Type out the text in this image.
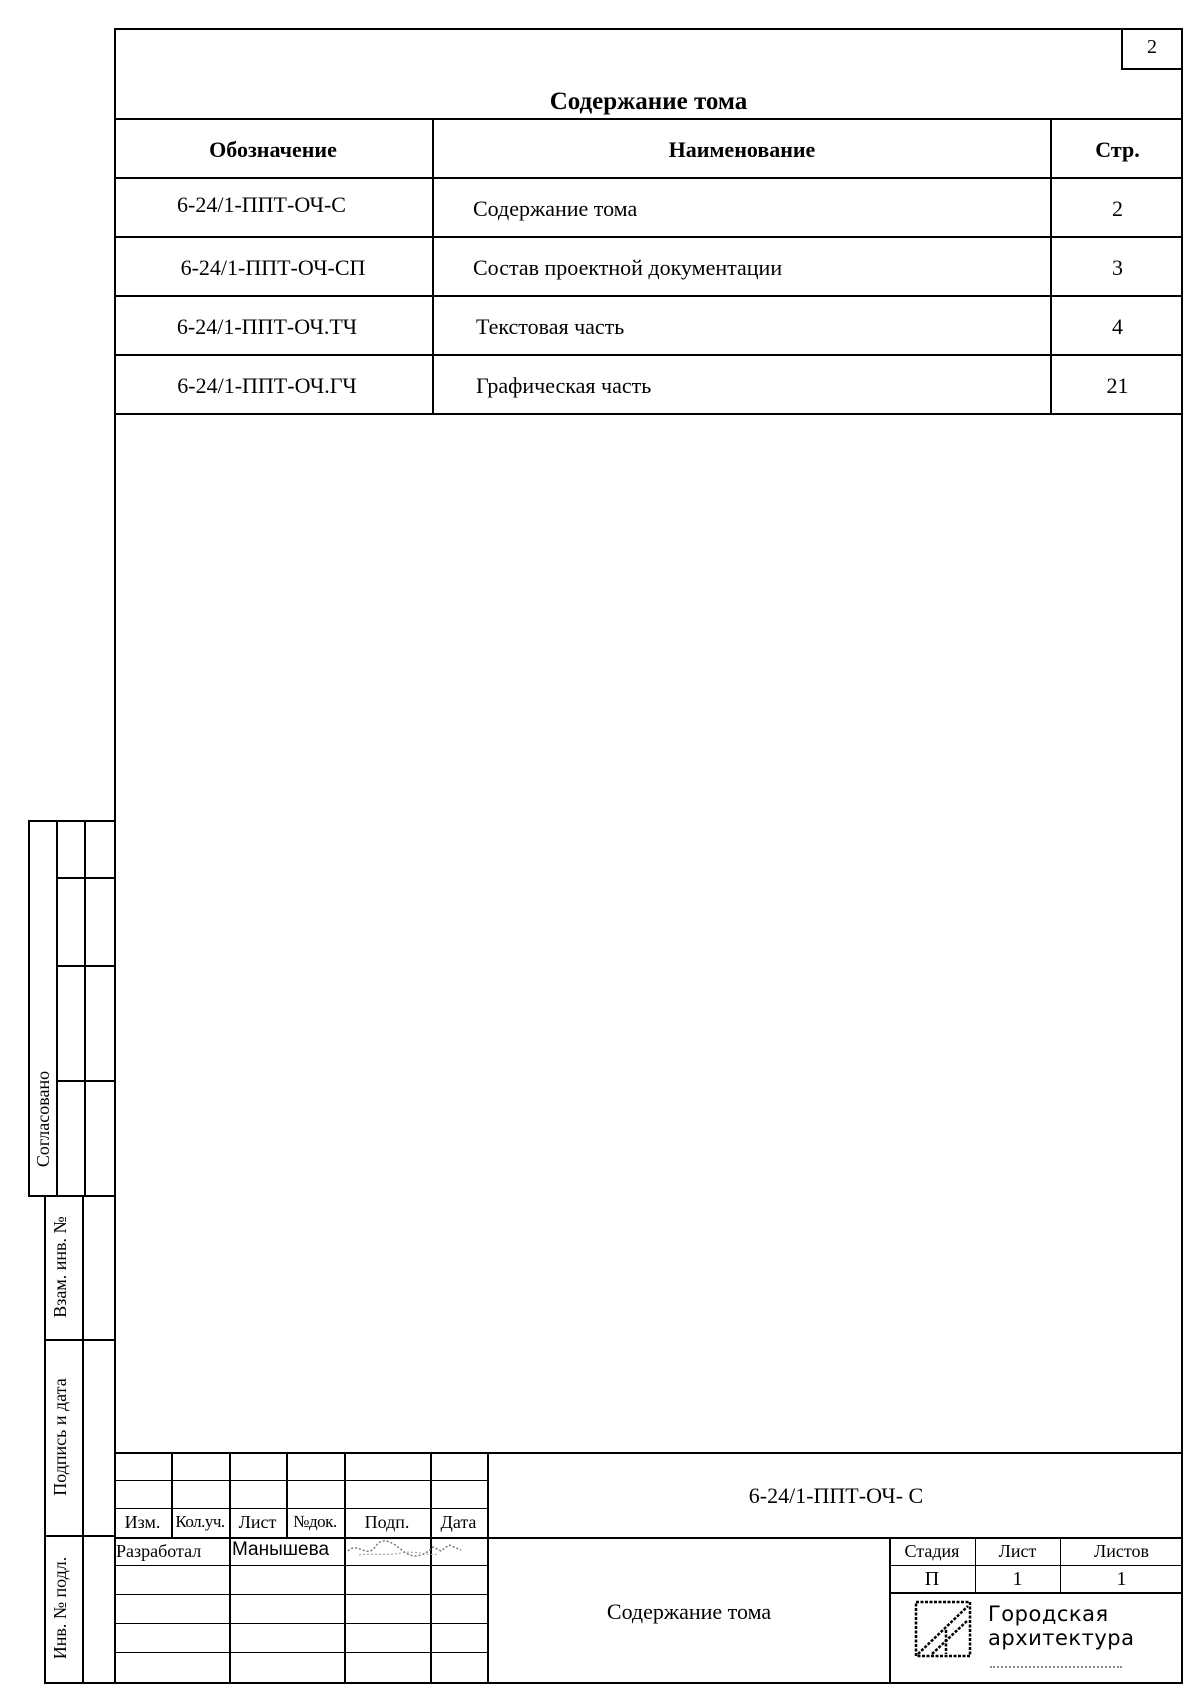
2
Содержание тома
Обозначение	Наименование	Стр.
6-24/1-ППТ-ОЧ-С	Содержание тома	2
6-24/1-ППТ-ОЧ-СП	Состав проектной документации	3
6-24/1-ППТ-ОЧ.ТЧ	Текстовая часть	4
6-24/1-ППТ-ОЧ.ГЧ	Графическая часть	21
Согласовано
Взам. инв. №
Подпись и дата
Инв. № подл.
Изм. Кол.уч. Лист №док.	Подп.	Дата
Разработал Манышева
6-24/1-ППТ-ОЧ- С
Содержание тома
Стадия	Лист	Листов
П	1	1
Городская
архитектура
